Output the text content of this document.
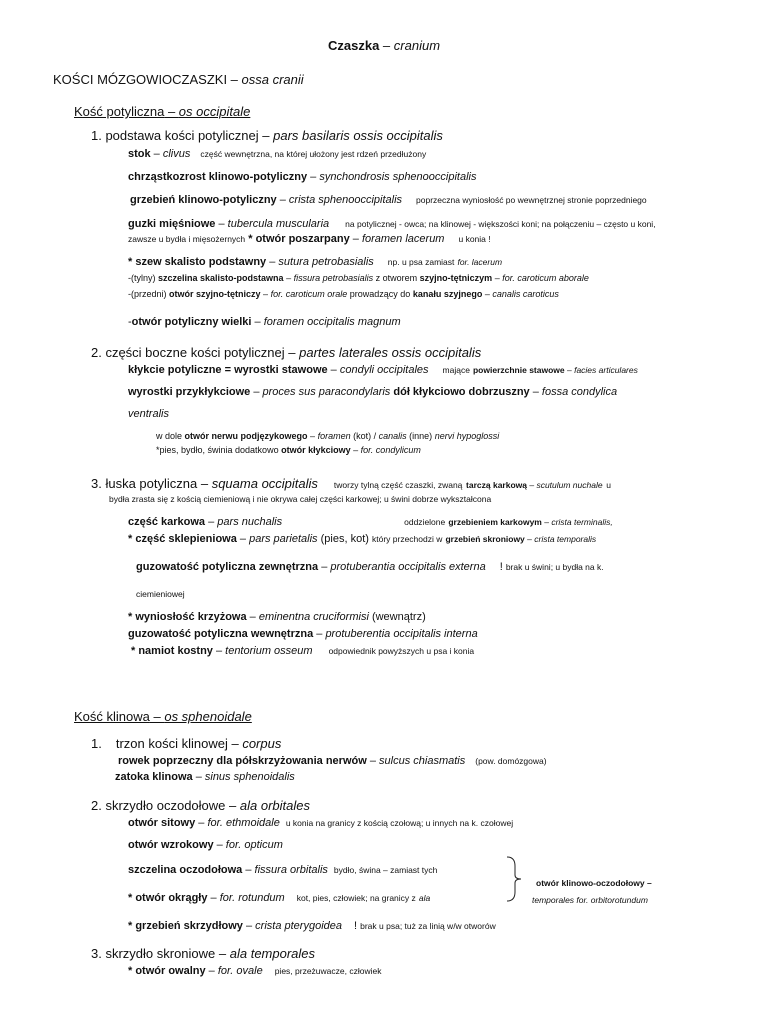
Czaszka – cranium
KOŚCI MÓZGOWIOCZASZKI – ossa cranii
Kość potyliczna – os occipitale
1. podstawa kości potylicznej – pars basilaris ossis occipitalis
stok – clivus część wewnętrzna, na której ułożony jest rdzeń przedłużony
chrząstkozrost klinowo-potyliczny – synchondrosis sphenooccipitalis
grzebień klinowo-potyliczny – crista sphenooccipitalis poprzeczna wyniosłość po wewnętrznej stronie poprzedniego
guzki mięśniowe – tubercula muscularia na potylicznej - owca; na klinowej - większości koni; na połączeniu – często u koni,
zawsze u bydła i mięsożernych * otwór poszarpany – foramen lacerum u konia !
* szew skalisto podstawny – sutura petrobasialis np. u psa zamiast for. lacerum
-(tylny) szczelina skalisto-podstawna – fissura petrobasialis z otworem szyjno-tętniczym – for. caroticum aborale
-(przedni) otwór szyjno-tętniczy – for. caroticum orale prowadzący do kanału szyjnego – canalis caroticus
-otwór potyliczny wielki – foramen occipitalis magnum
2. części boczne kości potylicznej – partes laterales ossis occipitalis
kłykcie potyliczne = wyrostki stawowe – condyli occipitales mające powierzchnie stawowe – facies articulares
wyrostki przykłykciowe – proces sus paracondylaris dół kłykciowo dobrzuszny – fossa condylica
ventralis
w dole otwór nerwu podjęzykowego – foramen (kot) / canalis (inne) nervi hypoglossi
*pies, bydło, świnia dodatkowo otwór kłykciowy – for. condylicum
3. łuska potyliczna – squama occipitalis tworzy tylną część czaszki, zwaną tarczą karkową – scutulum nuchale u
bydła zrasta się z kością ciemieniową i nie okrywa całej części karkowej; u świni dobrze wykształcona
część karkowa – pars nuchalis	oddzielone grzebieniem karkowym – crista terminalis,
* część sklepieniowa – pars parietalis (pies, kot) który przechodzi w grzebień skroniowy – crista temporalis
guzowatość potyliczna zewnętrzna – protuberantia occipitalis externa ! brak u świni; u bydła na k.
ciemieniowej
* wyniosłość krzyżowa – eminentna cruciformisi (wewnątrz)
guzowatość potyliczna wewnętrzna – protuberentia occipitalis interna
* namiot kostny – tentorium osseum odpowiednik powyższych u psa i konia
Kość klinowa – os sphenoidale
1. trzon kości klinowej – corpus
rowek poprzeczny dla półskrzyżowania nerwów – sulcus chiasmatis (pow. domózgowa)
zatoka klinowa – sinus sphenoidalis
2. skrzydło oczodołowe – ala orbitales
otwór sitowy – for. ethmoidale u konia na granicy z kością czołową; u innych na k. czołowej
otwór wzrokowy – for. opticum
szczelina oczodołowa – fissura orbitalis bydło, świna – zamiast tych
* otwór okrągły – for. rotundum kot, pies, człowiek; na granicy z ala
otwór klinowo-oczodołowy –
temporales for. orbitorotundum
* grzebień skrzydłowy – crista pterygoidea ! brak u psa; tuż za linią w/w otworów
3. skrzydło skroniowe – ala temporales
* otwór owalny – for. ovale pies, przeżuwacze, człowiek
